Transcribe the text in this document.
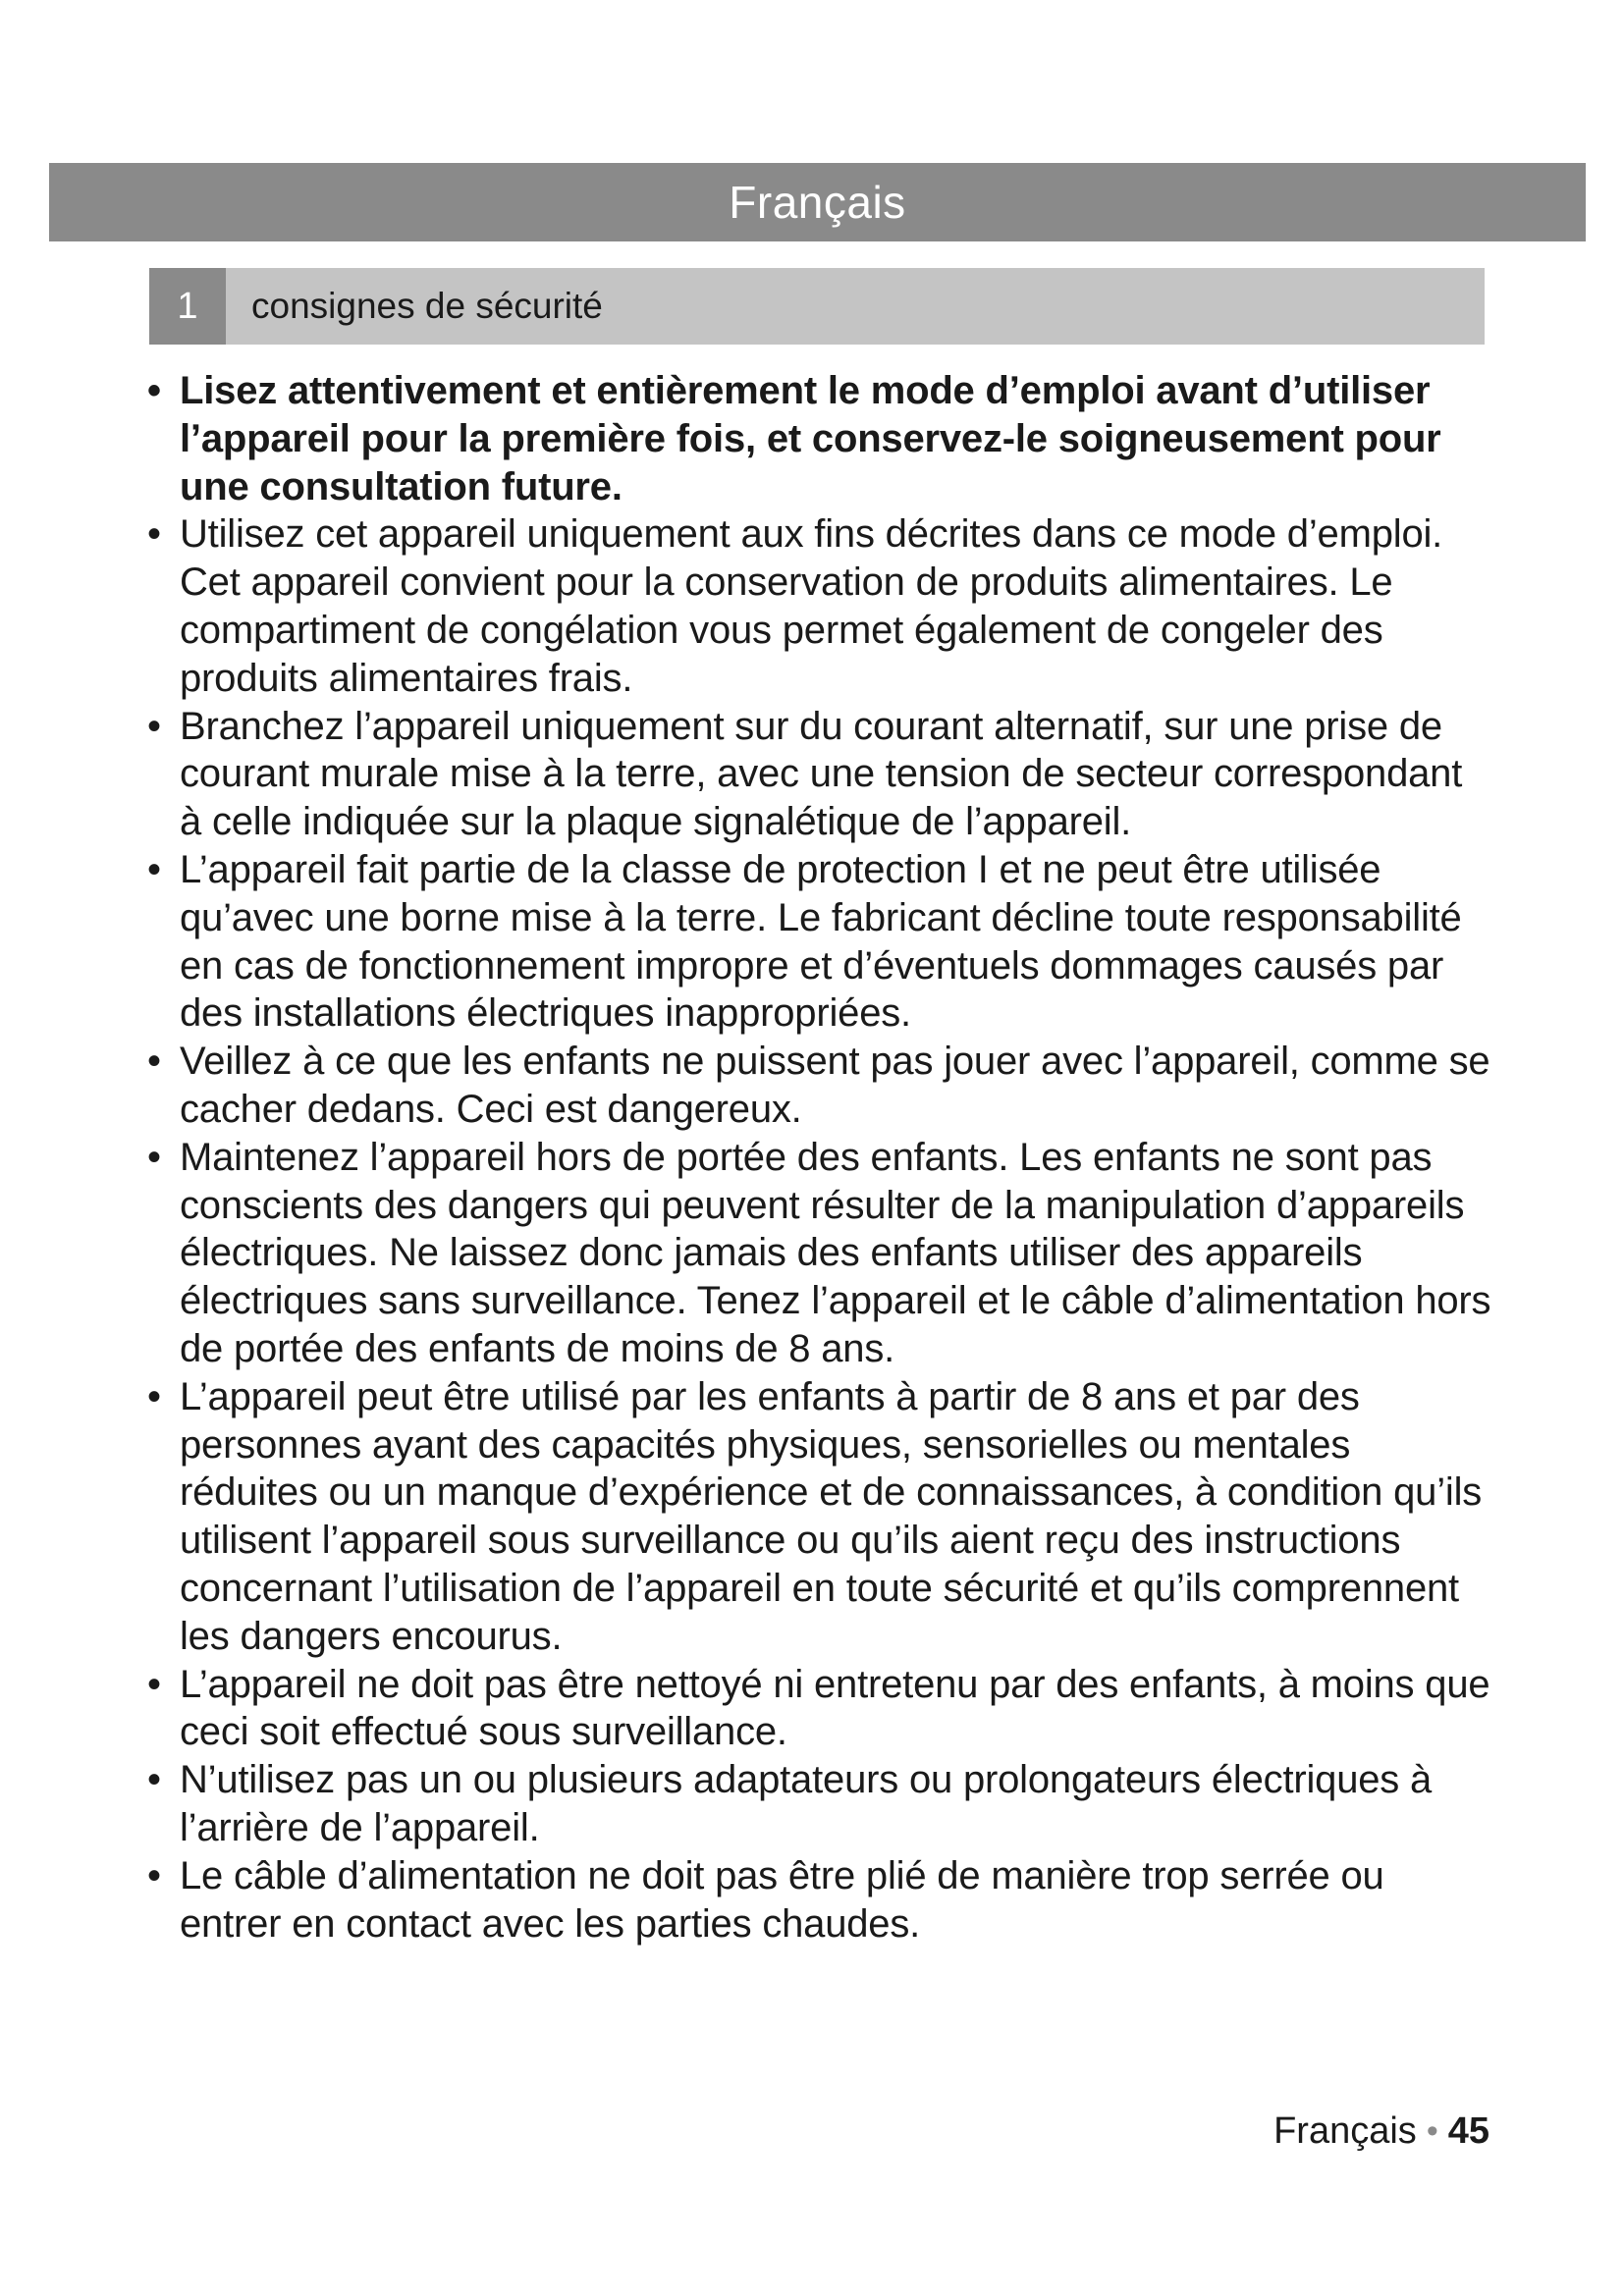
Français
1	consignes de sécurité
• Lisez attentivement et entièrement le mode d’emploi avant d’utiliser l’appareil pour la première fois, et conservez-le soigneusement pour une consultation future.
• Utilisez cet appareil uniquement aux fins décrites dans ce mode d’emploi. Cet appareil convient pour la conservation de produits alimentaires. Le compartiment de congélation vous permet également de congeler des produits alimentaires frais.
• Branchez l’appareil uniquement sur du courant alternatif, sur une prise de courant murale mise à la terre, avec une tension de secteur correspondant à celle indiquée sur la plaque signalétique de l’appareil.
• L’appareil fait partie de la classe de protection I et ne peut être utilisée qu’avec une borne mise à la terre. Le fabricant décline toute responsabilité en cas de fonctionnement impropre et d’éventuels dommages causés par des installations électriques inappropriées.
• Veillez à ce que les enfants ne puissent pas jouer avec l’appareil, comme se cacher dedans. Ceci est dangereux.
• Maintenez l’appareil hors de portée des enfants. Les enfants ne sont pas conscients des dangers qui peuvent résulter de la manipulation d’appareils électriques. Ne laissez donc jamais des enfants utiliser des appareils électriques sans surveillance. Tenez l’appareil et le câble d’alimentation hors de portée des enfants de moins de 8 ans.
• L’appareil peut être utilisé par les enfants à partir de 8 ans et par des personnes ayant des capacités physiques, sensorielles ou mentales réduites ou un manque d’expérience et de connaissances, à condition qu’ils utilisent l’appareil sous surveillance ou qu’ils aient reçu des instructions concernant l’utilisation de l’appareil en toute sécurité et qu’ils comprennent les dangers encourus.
• L’appareil ne doit pas être nettoyé ni entretenu par des enfants, à moins que ceci soit effectué sous surveillance.
• N’utilisez pas un ou plusieurs adaptateurs ou prolongateurs électriques à l’arrière de l’appareil.
• Le câble d’alimentation ne doit pas être plié de manière trop serrée ou entrer en contact avec les parties chaudes.
Français • 45
